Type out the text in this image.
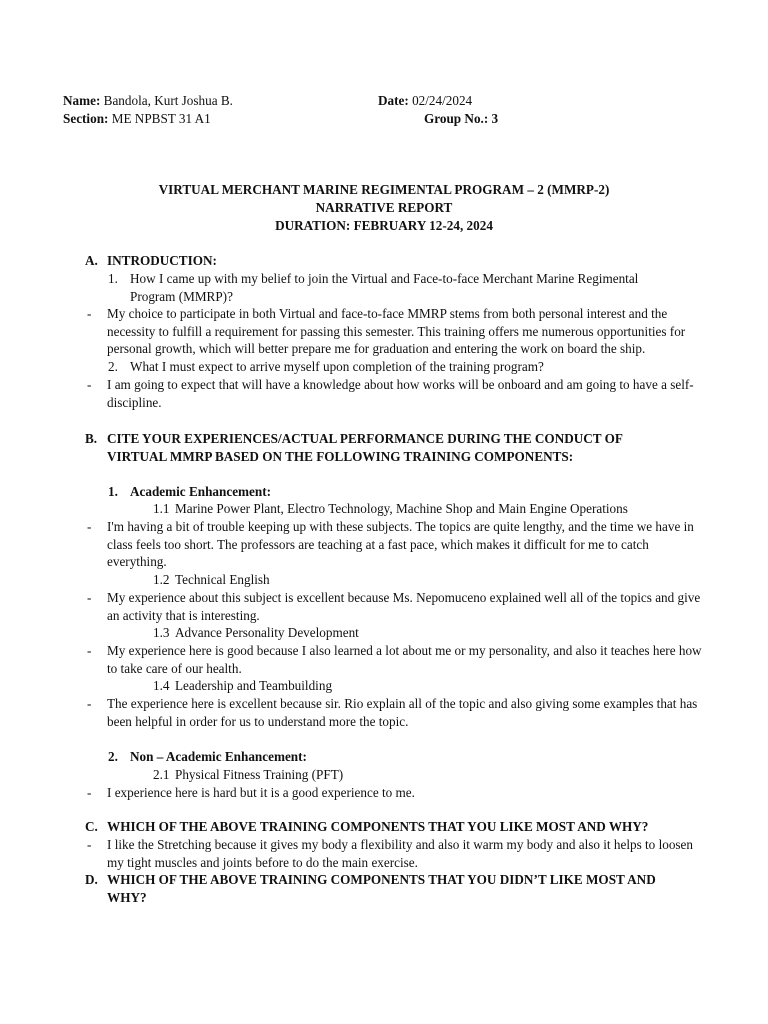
Name: Bandola, Kurt Joshua B.	Date: 02/24/2024
Section: ME NPBST 31 A1	Group No.: 3
VIRTUAL MERCHANT MARINE REGIMENTAL PROGRAM – 2 (MMRP-2)
NARRATIVE REPORT
DURATION: FEBRUARY 12-24, 2024
A. INTRODUCTION:
1. How I came up with my belief to join the Virtual and Face-to-face Merchant Marine Regimental
Program (MMRP)?
- My choice to participate in both Virtual and face-to-face MMRP stems from both personal interest and the necessity to fulfill a requirement for passing this semester. This training offers me numerous opportunities for personal growth, which will better prepare me for graduation and entering the work on board the ship.
2. What I must expect to arrive myself upon completion of the training program?
- I am going to expect that will have a knowledge about how works will be onboard and am going to have a self-discipline.
B. CITE YOUR EXPERIENCES/ACTUAL PERFORMANCE DURING THE CONDUCT OF
VIRTUAL MMRP BASED ON THE FOLLOWING TRAINING COMPONENTS:
1. Academic Enhancement:
1.1 Marine Power Plant, Electro Technology, Machine Shop and Main Engine Operations
- I'm having a bit of trouble keeping up with these subjects. The topics are quite lengthy, and the time we have in class feels too short. The professors are teaching at a fast pace, which makes it difficult for me to catch everything.
1.2 Technical English
- My experience about this subject is excellent because Ms. Nepomuceno explained well all of the topics and give an activity that is interesting.
1.3 Advance Personality Development
- My experience here is good because I also learned a lot about me or my personality, and also it teaches here how to take care of our health.
1.4 Leadership and Teambuilding
- The experience here is excellent because sir. Rio explain all of the topic and also giving some examples that has been helpful in order for us to understand more the topic.
2. Non – Academic Enhancement:
2.1 Physical Fitness Training (PFT)
- I experience here is hard but it is a good experience to me.
C. WHICH OF THE ABOVE TRAINING COMPONENTS THAT YOU LIKE MOST AND WHY?
- I like the Stretching because it gives my body a flexibility and also it warm my body and also it helps to loosen my tight muscles and joints before to do the main exercise.
D. WHICH OF THE ABOVE TRAINING COMPONENTS THAT YOU DIDN’T LIKE MOST AND
WHY?
